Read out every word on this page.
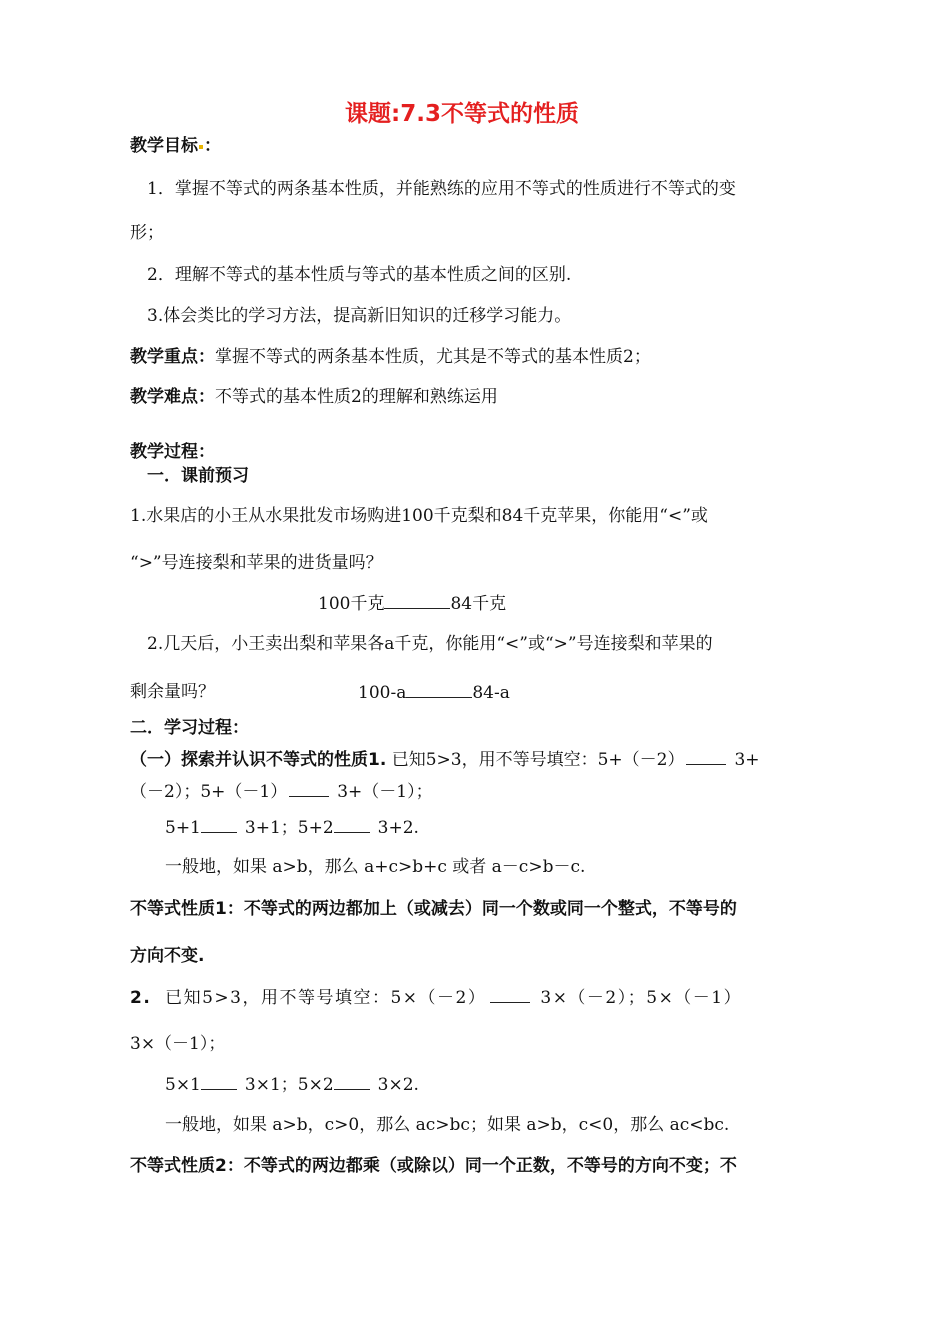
课题:7.3不等式的性质
教学目标 ：
1．掌握不等式的两条基本性质，并能熟练的应用不等式的性质进行不等式的变
形；
2．理解不等式的基本性质与等式的基本性质之间的区别.
3.体会类比的学习方法，提高新旧知识的迁移学习能力。
教学重点：掌握不等式的两条基本性质，尤其是不等式的基本性质2；
教学难点：不等式的基本性质2的理解和熟练运用
教学过程：
一．课前预习
1.水果店的小王从水果批发市场购进100千克梨和84千克苹果，你能用“<”或
“>”号连接梨和苹果的进货量吗？
100千克	84千克
2.几天后，小王卖出梨和苹果各a千克，你能用“<”或“>”号连接梨和苹果的
剩余量吗？	100-a	84-a
二．学习过程：
（一）探索并认识不等式的性质1. 已知5>3，用不等号填空：5+（－2）	3+
（－2）；5+（－1）	3+（－1）；
5+1	3+1；5+2	3+2.
一般地，如果 a>b，那么 a+c>b+c 或者 a－c>b－c.
不等式性质1：不等式的两边都加上（或减去）同一个数或同一个整式，不等号的
方向不变.
2. 已知5>3，用不等号填空：5×（－2）	3×（－2）；5×（－1）
3×（－1）；
5×1	3×1；5×2	3×2.
一般地，如果 a>b，c>0，那么 ac>bc；如果 a>b，c<0，那么 ac<bc.
不等式性质2：不等式的两边都乘（或除以）同一个正数，不等号的方向不变；不
